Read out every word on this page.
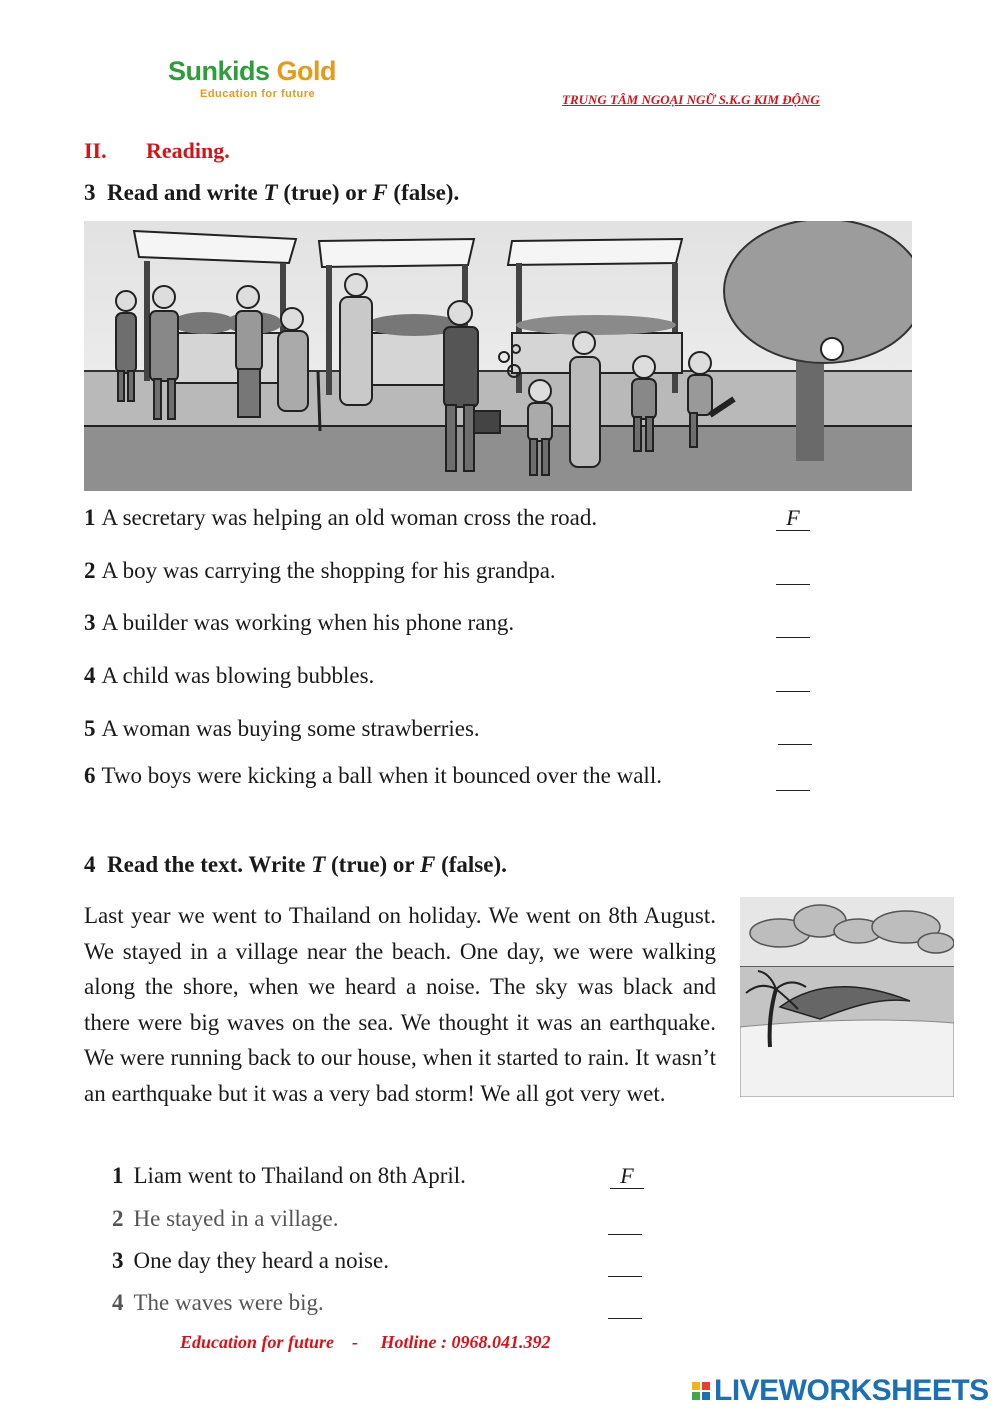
Sunkids Gold
Education for future	TRUNG TÂM NGOẠI NGỮ S.K.G KIM ĐỘNG
II. Reading.
3 Read and write T (true) or F (false).
1 A secretary was helping an old woman cross the road.	F
2 A boy was carrying the shopping for his grandpa.
3 A builder was working when his phone rang.
4 A child was blowing bubbles.
5 A woman was buying some strawberries.
6 Two boys were kicking a ball when it bounced over the wall.
4 Read the text. Write T (true) or F (false).
Last year we went to Thailand on holiday. We went on 8th August. We stayed in a village near the beach. One day, we were walking along the shore, when we heard a noise. The sky was black and there were big waves on the sea. We thought it was an earthquake. We were running back to our house, when it started to rain. It wasn’t an earthquake but it was a very bad storm! We all got very wet.
1 Liam went to Thailand on 8th April.	F
2 He stayed in a village.
3 One day they heard a noise.
4 The waves were big.
Education for future - Hotline : 0968.041.392
LIVEWORKSHEETS
